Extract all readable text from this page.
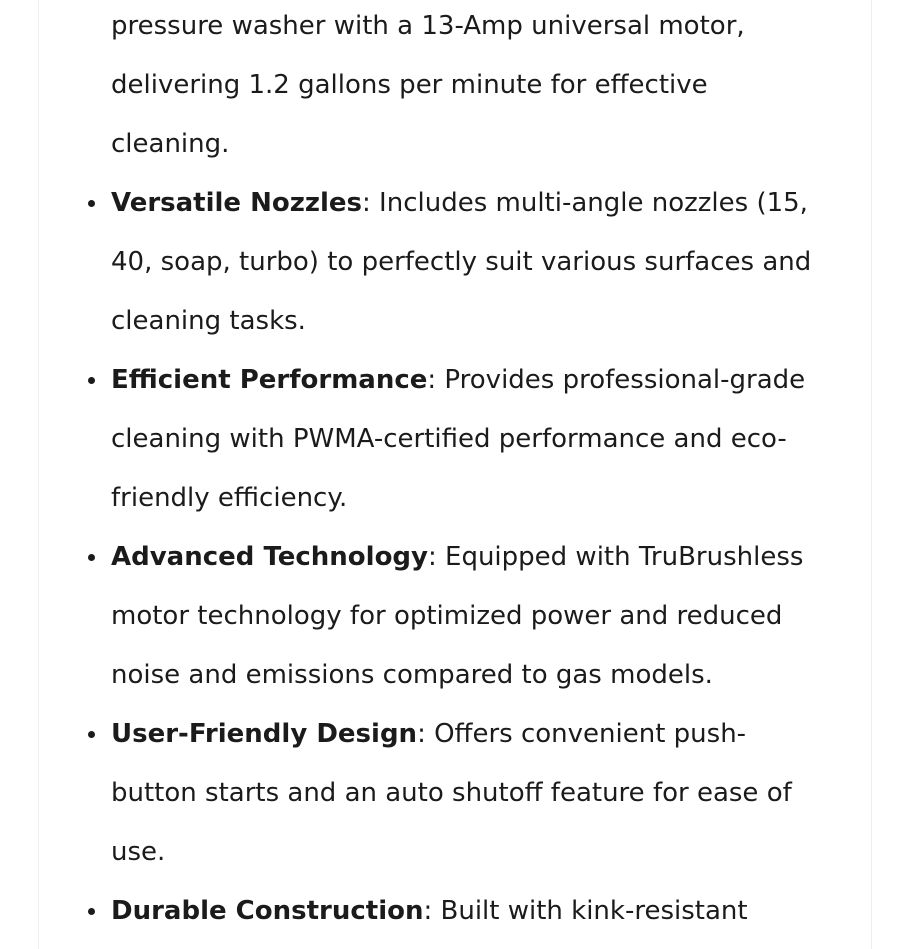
pressure washer with a 13-Amp universal motor,
delivering 1.2 gallons per minute for effective
cleaning.
Versatile Nozzles: Includes multi-angle nozzles (15,
40, soap, turbo) to perfectly suit various surfaces and
cleaning tasks.
Efficient Performance: Provides professional-grade
cleaning with PWMA-certified performance and eco-
friendly efficiency.
Advanced Technology: Equipped with TruBrushless
motor technology for optimized power and reduced
noise and emissions compared to gas models.
User-Friendly Design: Offers convenient push-
button starts and an auto shutoff feature for ease of
use.
Durable Construction: Built with kink-resistant
